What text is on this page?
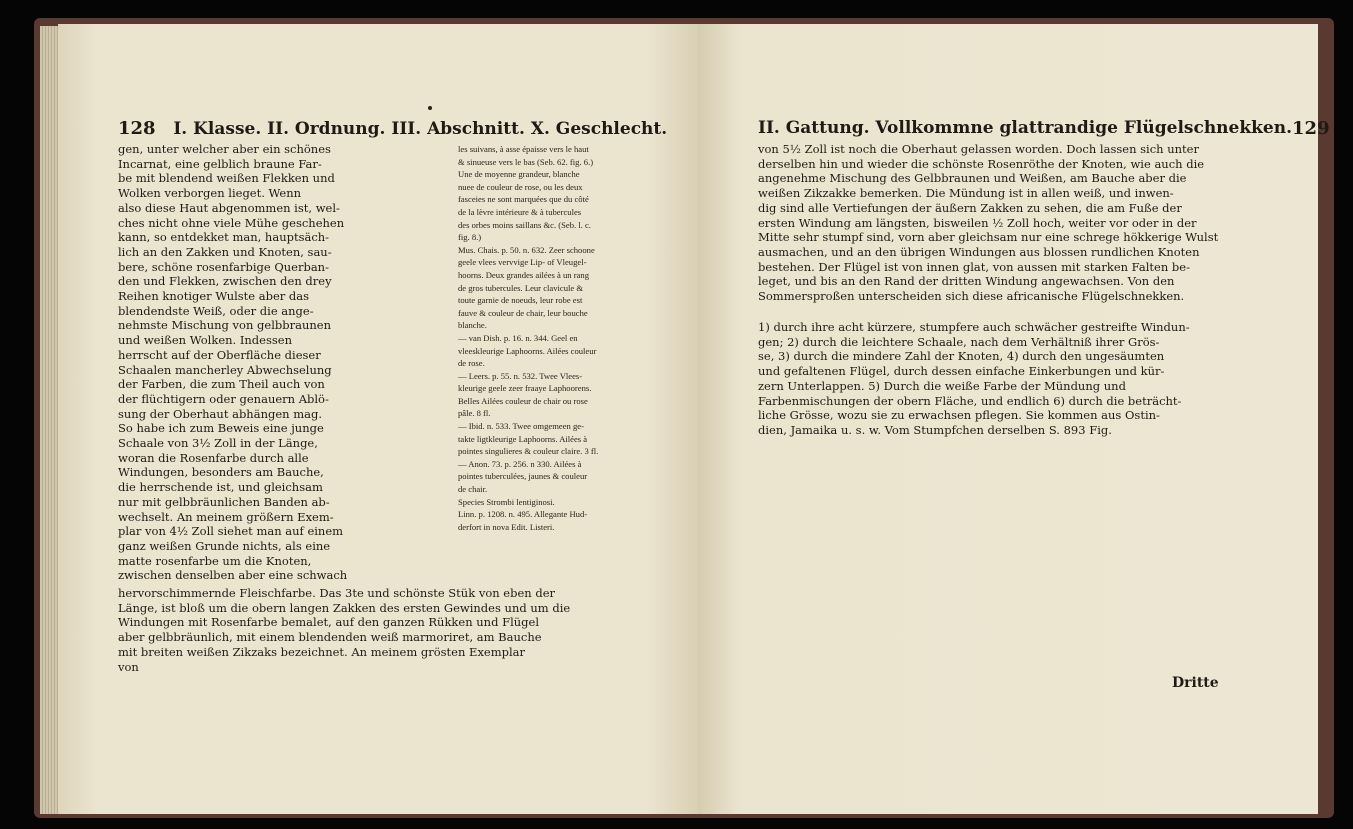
128 I. Klasse. II. Ordnung. III. Abschnitt. X. Geschlecht.

gen, unter welcher aber ein schönes

Incarnat, eine gelblich braune Far-

be mit blendend weißen Flekken und

Wolken verborgen lieget. Wenn

also diese Haut abgenommen ist, wel-

ches nicht ohne viele Mühe geschehen

kann, so entdekket man, hauptsäch-

lich an den Zakken und Knoten, sau-

bere, schöne rosenfarbige Querban-

den und Flekken, zwischen den drey

Reihen knotiger Wulste aber das

blendendste Weiß, oder die ange-

nehmste Mischung von gelbbraunen

und weißen Wolken. Indessen

herrscht auf der Oberfläche dieser

Schaalen mancherley Abwechselung

der Farben, die zum Theil auch von

der flüchtigern oder genauern Ablö-

sung der Oberhaut abhängen mag.

So habe ich zum Beweis eine junge

Schaale von 3½ Zoll in der Länge,

woran die Rosenfarbe durch alle

Windungen, besonders am Bauche,

die herrschende ist, und gleichsam

nur mit gelbbräunlichen Banden ab-

wechselt. An meinem größern Exem-

plar von 4½ Zoll siehet man auf einem

ganz weißen Grunde nichts, als eine

matte rosenfarbe um die Knoten,

zwischen denselben aber eine schwach

les suivans, à asse épaisse vers le haut

& sinueuse vers le bas (Seb. 62. fig. 6.)

Une de moyenne grandeur, blanche

nuee de couleur de rose, ou les deux

fasceies ne sont marquées que du côté

de la lèvre intérieure & à tubercules

des orbes moins saillans &c. (Seb. l. c.

fig. 8.)

Mus. Chais. p. 50. n. 632. Zeer schoone

geele vlees vervvige Lip- of Vleugel-

hoorns. Deux grandes ailées à un rang

de gros tubercules. Leur clavicule &

toute garnie de noeuds, leur robe est

fauve & couleur de chair, leur bouche

blanche.

— van Dish. p. 16. n. 344. Geel en

vleeskleurige Laphoorns. Ailées couleur

de rose.

— Leers. p. 55. n. 532. Twee Vlees-

kleurige geele zeer fraaye Laphoorens.

Belles Ailées couleur de chair ou rose

pâle. 8 fl.

— Ibid. n. 533. Twee omgemeen ge-

takte ligtkleurige Laphoorns. Ailées à

pointes singulieres & couleur claire. 3 fl.

— Anon. 73. p. 256. n 330. Ailées à

pointes tuberculées, jaunes & couleur

de chair.

Species Strombi lentiginosi.

Linn. p. 1208. n. 495. Allegante Hud-

derfort in nova Edit. Listeri.

hervorschimmernde Fleischfarbe. Das 3te und schönste Stük von eben der

Länge, ist bloß um die obern langen Zakken des ersten Gewindes und um die

Windungen mit Rosenfarbe bemalet, auf den ganzen Rükken und Flügel

aber gelbbräunlich, mit einem blendenden weiß marmoriret, am Bauche

mit breiten weißen Zikzaks bezeichnet. An meinem grösten Exemplar

von

II. Gattung. Vollkommne glattrandige Flügelschnekken. 129

von 5½ Zoll ist noch die Oberhaut gelassen worden. Doch lassen sich unter

derselben hin und wieder die schönste Rosenröthe der Knoten, wie auch die

angenehme Mischung des Gelbbraunen und Weißen, am Bauche aber die

weißen Zikzakke bemerken. Die Mündung ist in allen weiß, und inwen-

dig sind alle Vertiefungen der äußern Zakken zu sehen, die am Fuße der

ersten Windung am längsten, bisweilen ½ Zoll hoch, weiter vor oder in der

Mitte sehr stumpf sind, vorn aber gleichsam nur eine schrege hökkerige Wulst

ausmachen, und an den übrigen Windungen aus blossen rundlichen Knoten

bestehen. Der Flügel ist von innen glat, von aussen mit starken Falten be-

leget, und bis an den Rand der dritten Windung angewachsen. Von den

Sommersproßen unterscheiden sich diese africanische Flügelschnekken.

1) durch ihre acht kürzere, stumpfere auch schwächer gestreifte Windun-

gen; 2) durch die leichtere Schaale, nach dem Verhältniß ihrer Grös-

se, 3) durch die mindere Zahl der Knoten, 4) durch den ungesäumten

und gefaltenen Flügel, durch dessen einfache Einkerbungen und kür-

zern Unterlappen. 5) Durch die weiße Farbe der Mündung und

Farbenmischungen der obern Fläche, und endlich 6) durch die beträcht-

liche Grösse, wozu sie zu erwachsen pflegen. Sie kommen aus Ostin-

dien, Jamaika u. s. w. Vom Stumpfchen derselben S. 893 Fig.

Dritte
